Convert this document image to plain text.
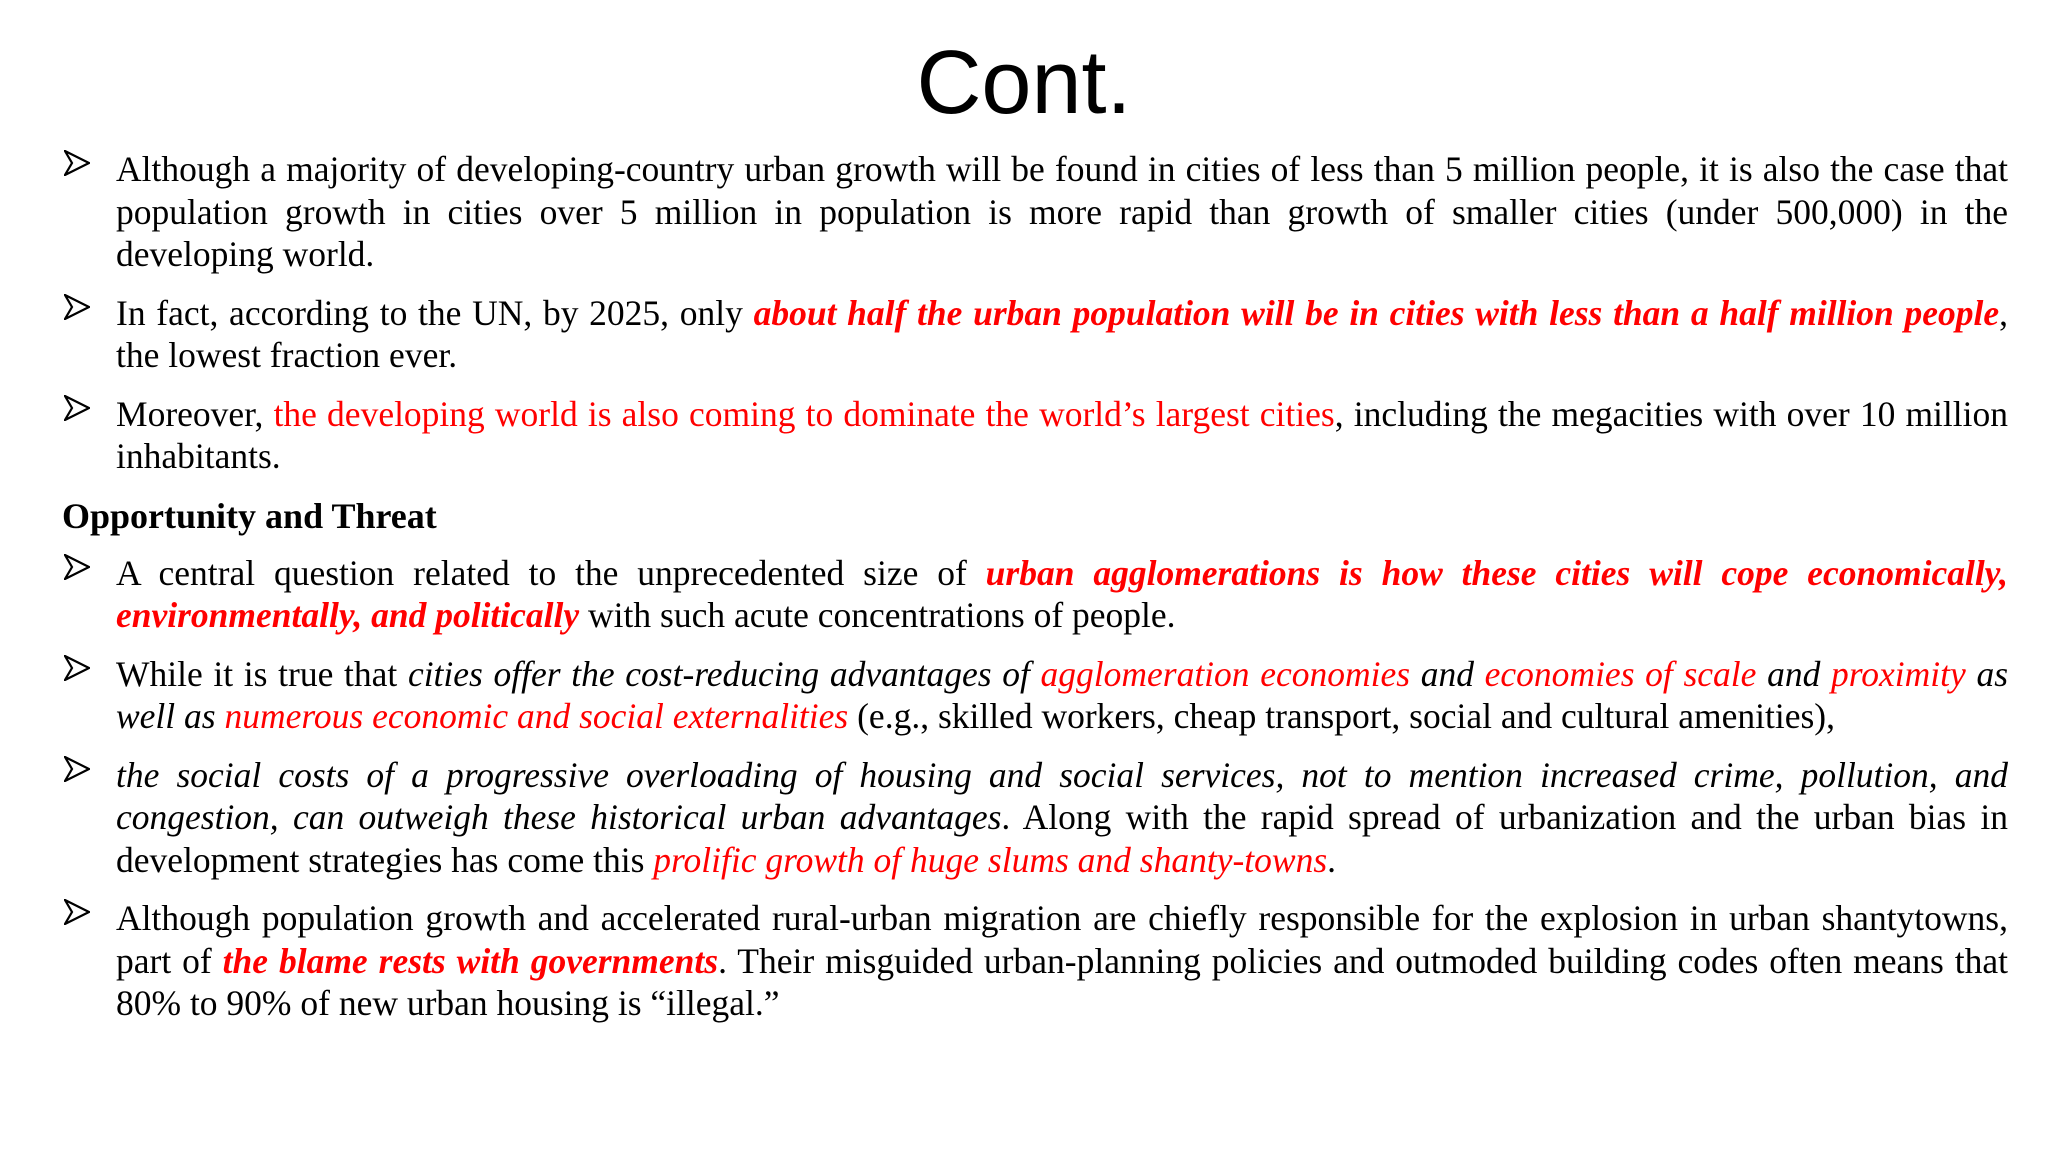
Cont.
Although a majority of developing-country urban growth will be found in cities of less than 5 million people, it is also the case that population growth in cities over 5 million in population is more rapid than growth of smaller cities (under 500,000) in the developing world.
In fact, according to the UN, by 2025, only about half the urban population will be in cities with less than a half million people, the lowest fraction ever.
Moreover, the developing world is also coming to dominate the world’s largest cities, including the megacities with over 10 million inhabitants.
Opportunity and Threat
A central question related to the unprecedented size of urban agglomerations is how these cities will cope economically, environmentally, and politically with such acute concentrations of people.
While it is true that cities offer the cost-reducing advantages of agglomeration economies and economies of scale and proximity as well as numerous economic and social externalities (e.g., skilled workers, cheap transport, social and cultural amenities),
the social costs of a progressive overloading of housing and social services, not to mention increased crime, pollution, and congestion, can outweigh these historical urban advantages. Along with the rapid spread of urbanization and the urban bias in development strategies has come this prolific growth of huge slums and shanty-towns.
Although population growth and accelerated rural-urban migration are chiefly responsible for the explosion in urban shantytowns, part of the blame rests with governments. Their misguided urban-planning policies and outmoded building codes often means that 80% to 90% of new urban housing is “illegal.”
